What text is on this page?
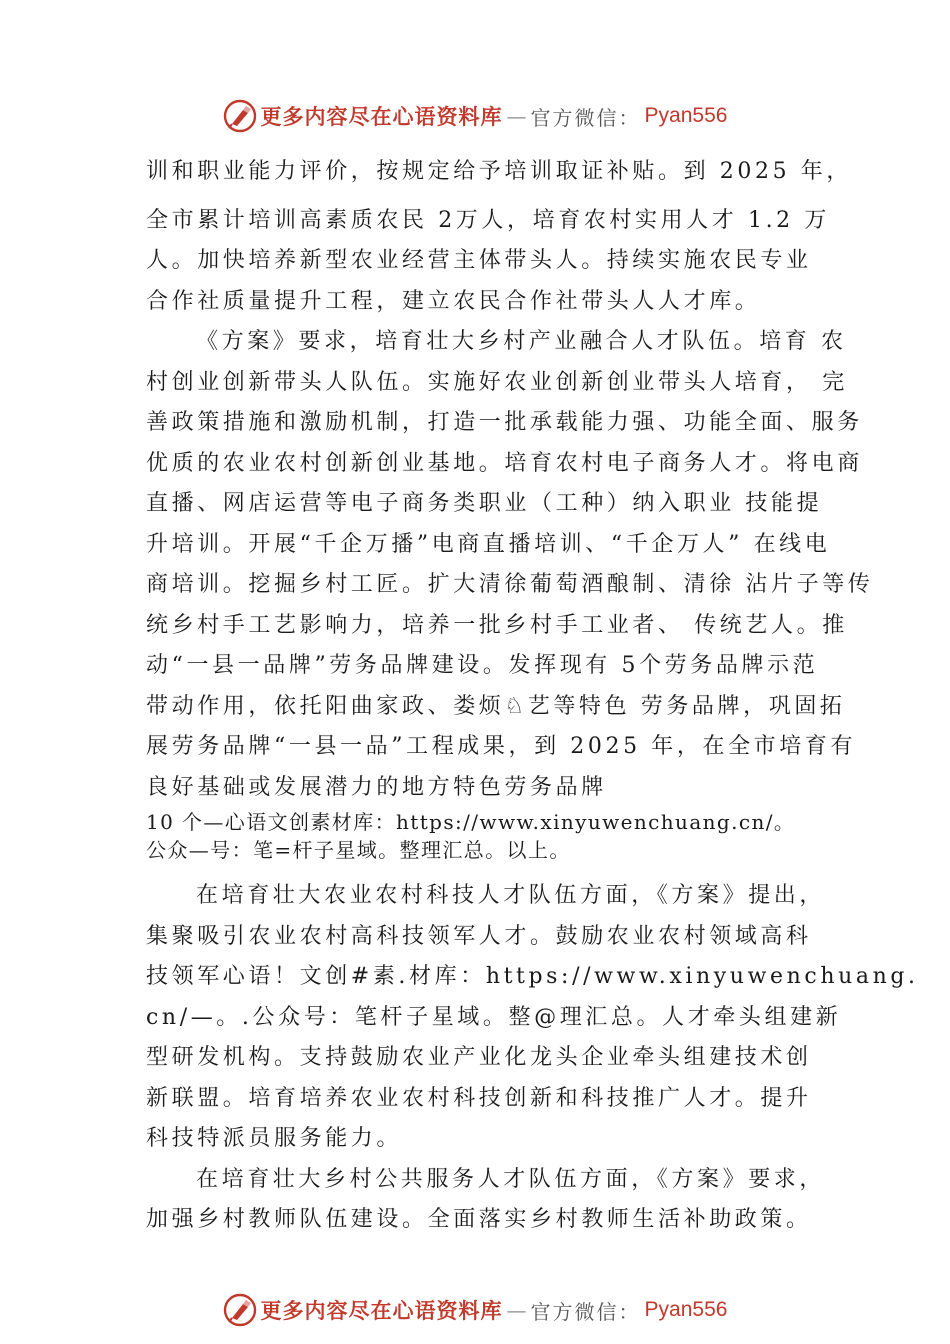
更多内容尽在心语资料库 — 官方微信： Pyan556
训和职业能力评价，按规定给予培训取证补贴。到 2025 年，
全市累计培训高素质农民 2万人，培育农村实用人才 1.2 万
人。加快培养新型农业经营主体带头人。持续实施农民专业
合作社质量提升工程，建立农民合作社带头人人才库。
《方案》要求，培育壮大乡村产业融合人才队伍。培育 农
村创业创新带头人队伍。实施好农业创新创业带头人培育， 完
善政策措施和激励机制，打造一批承载能力强、功能全面、服务
优质的农业农村创新创业基地。培育农村电子商务人才。将电商
直播、网店运营等电子商务类职业（工种）纳入职业 技能提
升培训。开展“千企万播”电商直播培训、“千企万人” 在线电
商培训。挖掘乡村工匠。扩大清徐葡萄酒酿制、清徐 沾片子等传
统乡村手工艺影响力，培养一批乡村手工业者、 传统艺人。推
动“一县一品牌”劳务品牌建设。发挥现有 5个劳务品牌示范
带动作用，依托阳曲家政、娄烦♘艺等特色 劳务品牌，巩固拓
展劳务品牌“一县一品”工程成果，到 2025 年，在全市培育有
良好基础或发展潜力的地方特色劳务品牌
10 个—心语文创素材库：https://www.xinyuwenchuang.cn/。
公众—号：笔=杆子星域。整理汇总。以上。
在培育壮大农业农村科技人才队伍方面，《方案》提出，
集聚吸引农业农村高科技领军人才。鼓励农业农村领域高科
技领军心语！文创#素.材库：https://www.xinyuwenchuang.
cn/—。.公众号：笔杆子星域。整@理汇总。人才牵头组建新
型研发机构。支持鼓励农业产业化龙头企业牵头组建技术创
新联盟。培育培养农业农村科技创新和科技推广人才。提升
科技特派员服务能力。
在培育壮大乡村公共服务人才队伍方面，《方案》要求，
加强乡村教师队伍建设。全面落实乡村教师生活补助政策。
更多内容尽在心语资料库 — 官方微信： Pyan556
